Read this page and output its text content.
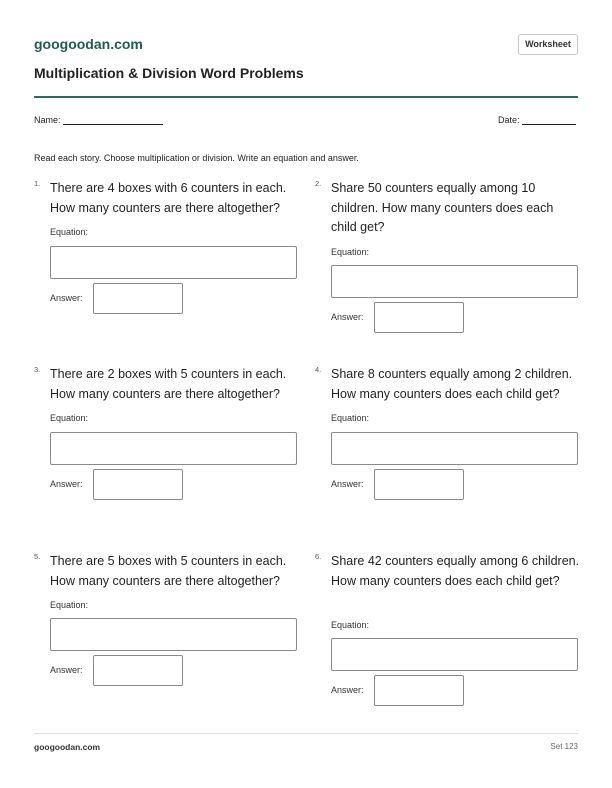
googoodan.com	Worksheet
Multiplication & Division Word Problems
Name:	Date:
Read each story. Choose multiplication or division. Write an equation and answer.
1. There are 4 boxes with 6 counters in each. How many counters are there altogether?
Equation:
Answer:
2. Share 50 counters equally among 10 children. How many counters does each child get?
Equation:
Answer:
3. There are 2 boxes with 5 counters in each. How many counters are there altogether?
Equation:
Answer:
4. Share 8 counters equally among 2 children. How many counters does each child get?
Equation:
Answer:
5. There are 5 boxes with 5 counters in each. How many counters are there altogether?
Equation:
Answer:
6. Share 42 counters equally among 6 children. How many counters does each child get?
Equation:
Answer:
googoodan.com	Set 123
